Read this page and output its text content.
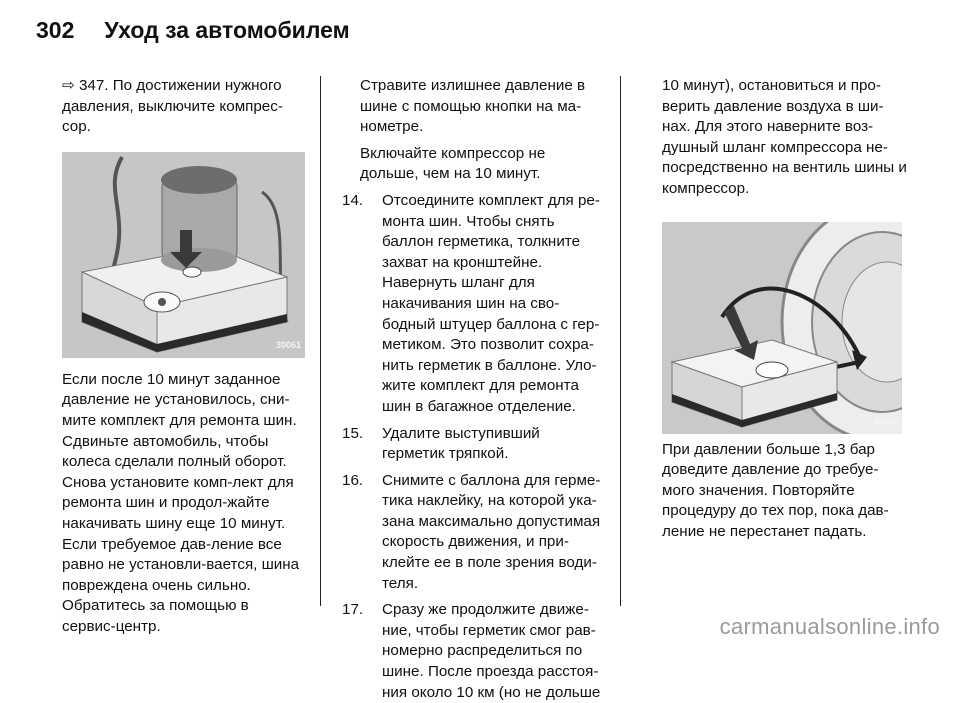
302 Уход за автомобилем

⇨ 347. По достижении нужного давления, выключите компрес-сор.

30061

Если после 10 минут заданное давление не установилось, сни-мите комплект для ремонта шин. Сдвиньте автомобиль, чтобы колеса сделали полный оборот. Снова установите комп-лект для ремонта шин и продол-жайте накачивать шину еще 10 минут. Если требуемое дав-ление все равно не установли-вается, шина повреждена очень сильно. Обратитесь за помощью в сервис-центр.

Стравите излишнее давление в шине с помощью кнопки на ма-нометре.

Включайте компрессор не дольше, чем на 10 минут.

14.	Отсоедините комплект для ре-монта шин. Чтобы снять баллон герметика, толкните захват на кронштейне. Навернуть шланг для накачивания шин на сво-бодный штуцер баллона с гер-метиком. Это позволит сохра-нить герметик в баллоне. Уло-жите комплект для ремонта шин в багажное отделение.
15.	Удалите выступивший герметик тряпкой.
16.	Снимите с баллона для герме-тика наклейку, на которой ука-зана максимально допустимая скорость движения, и при-клейте ее в поле зрения води-теля.
17.	Сразу же продолжите движе-ние, чтобы герметик смог рав-номерно распределиться по шине. После проезда расстоя-ния около 10 км (но не дольше

10 минут), остановиться и про-верить давление воздуха в ши-нах. Для этого наверните воз-душный шланг компрессора не-посредственно на вентиль шины и компрессор.

30062

При давлении больше 1,3 бар доведите давление до требуе-мого значения. Повторяйте процедуру до тех пор, пока дав-ление не перестанет падать.

carmanualsonline.info
